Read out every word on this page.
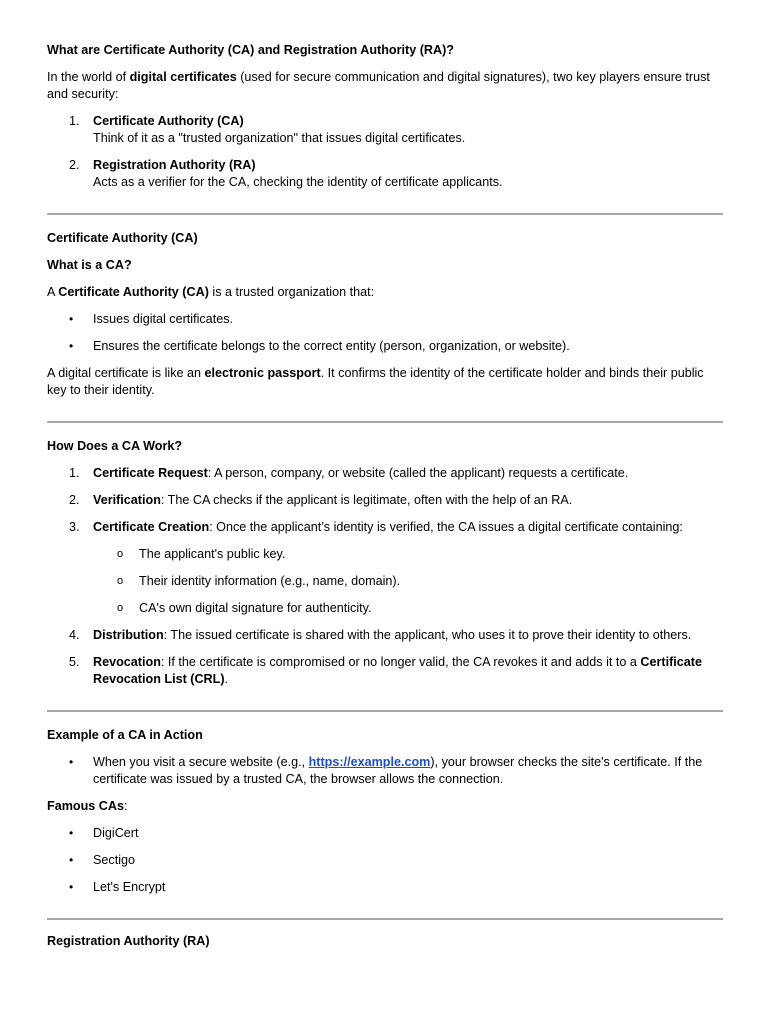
What are Certificate Authority (CA) and Registration Authority (RA)?

In the world of digital certificates (used for secure communication and digital signatures), two key players ensure trust and security:

1. Certificate Authority (CA)
Think of it as a "trusted organization" that issues digital certificates.
2. Registration Authority (RA)
Acts as a verifier for the CA, checking the identity of certificate applicants.

Certificate Authority (CA)

What is a CA?

A Certificate Authority (CA) is a trusted organization that:

• Issues digital certificates.
• Ensures the certificate belongs to the correct entity (person, organization, or website).

A digital certificate is like an electronic passport. It confirms the identity of the certificate holder and binds their public key to their identity.

How Does a CA Work?

1. Certificate Request: A person, company, or website (called the applicant) requests a certificate.
2. Verification: The CA checks if the applicant is legitimate, often with the help of an RA.
3. Certificate Creation: Once the applicant’s identity is verified, the CA issues a digital certificate containing:
o The applicant's public key.
o Their identity information (e.g., name, domain).
o CA's own digital signature for authenticity.
4. Distribution: The issued certificate is shared with the applicant, who uses it to prove their identity to others.
5. Revocation: If the certificate is compromised or no longer valid, the CA revokes it and adds it to a Certificate Revocation List (CRL).

Example of a CA in Action

• When you visit a secure website (e.g., https://example.com), your browser checks the site's certificate. If the certificate was issued by a trusted CA, the browser allows the connection.

Famous CAs:

• DigiCert
• Sectigo
• Let's Encrypt

Registration Authority (RA)
